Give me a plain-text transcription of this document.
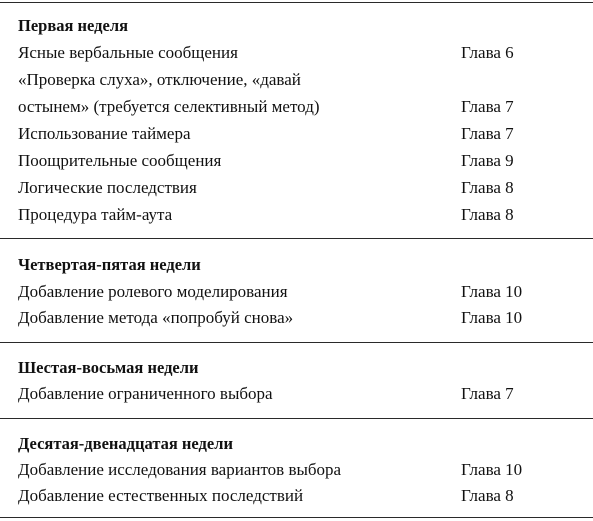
Первая неделя
Ясные вербальные сообщения	Глава 6
«Проверка слуха», отключение, «давай
остынем» (требуется селективный метод)	Глава 7
Использование таймера	Глава 7
Поощрительные сообщения	Глава 9
Логические последствия	Глава 8
Процедура тайм-аута	Глава 8
Четвертая-пятая недели
Добавление ролевого моделирования	Глава 10
Добавление метода «попробуй снова»	Глава 10
Шестая-восьмая недели
Добавление ограниченного выбора	Глава 7
Десятая-двенадцатая недели
Добавление исследования вариантов выбора	Глава 10
Добавление естественных последствий	Глава 8
